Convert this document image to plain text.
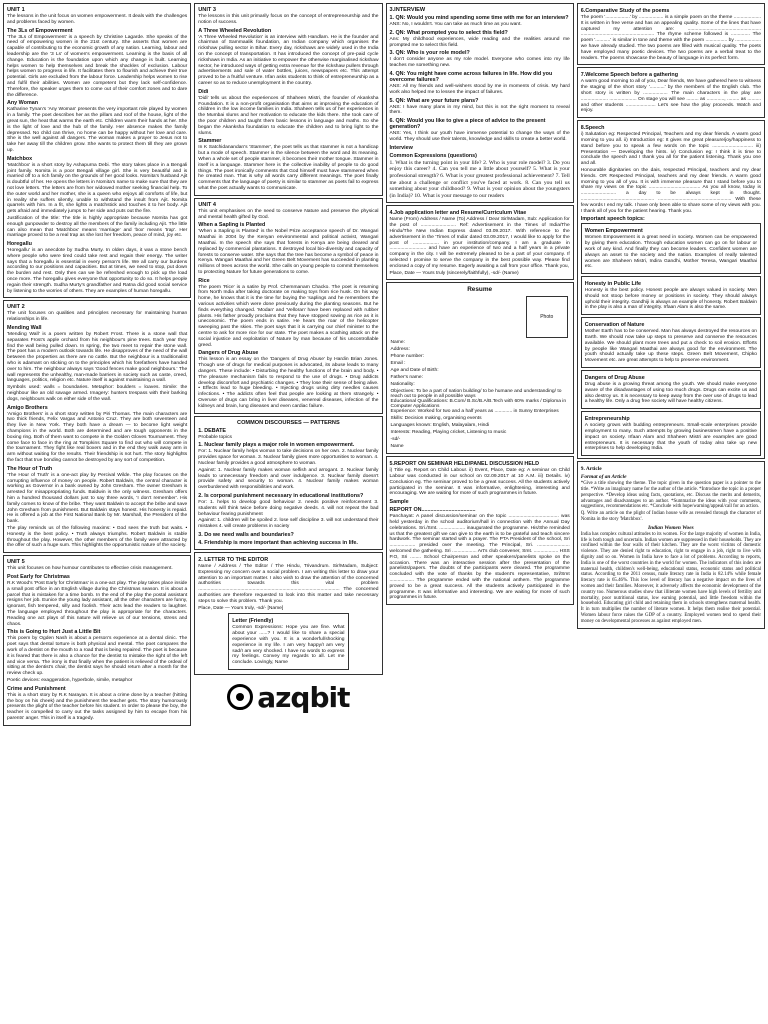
UNIT 1

The lessons in the unit focus on women empowerment. It deals with the challenges and problems faced by women.

The 3Ls of Empowerment

'The 3Ls of Empowerment' is a speech by Christine Lagarde. She speaks of the need of empowering women in the 21st century. She asserts that women are capable of contributing to the economic growth of any nation. Learning, labour and leadership are the '3 Ls' of women's empowerment. Learning is the basis of all change. Education is the foundation upon which any change is built. Learning helps women to help themselves and break the shackles of exclusion. Labour helps women to progress in life. It facilitates them to flourish and achieve their true potential. Girls are excluded from the labour force. Leadership helps women to rise and fulfil their abilities. Women are competent but they lack self-confidence. Therefore, the speaker urges them to come out of their comfort zones and to dare the difference.

Any Woman

Katharine Tynan's 'Any Woman' presents the very important role played by women in a family. The poet describes her as the pillars and roof of the house, light of the great sun, the heat that warms the earth etc. Children warm their hands at her. She is the light of love and the hub of the family. Her absence makes the family depressed. No child can thrive, no home can be happy without her love and care. She is the well against all dangers. The woman makes a prayer to Jesus not to take her away till the children grow. She wants to protect them till they are grown up.

Matchbox

'Matchbox' is a short story by Ashapurna Debi. The story takes place in a Bengali joint family. Nomita is a poor Bengali village girl. She is very beautiful and is married off to a rich family on the grounds of her good looks. Nomita's husband Ajit is doubtful of her. He opens the letters in Nomita's name to make sure that they are not love letters. The letters are from her widowed mother seeking financial help. To the outer world and her mother, she is a queen who enjoys all comforts of life, but in reality she suffers silently, unable to withstand the insult from Ajit. Nomita quarrels with him. In a fit, she lights a matchstick and touches it to her body. Ajit gets afraid and immediately jumps to her side and puts out the fire.

Justification of the title: The title is highly appropriate because Nomita has got enough gunpowder to destroy all the members of the family including Ajit. The little can also mean that 'Matchbox' means 'marriage' and 'box' means 'trap'. Her marriage proved to be a real trap as she lost her freedom, peace of mind, joy etc.

Horegallu

'Horegallu' is an anecdote by Sudha Murty. In olden days, it was a stone bench where people who were tired could take rest and regain their energy. The writer says that a horegallu is essential in every person's life. We all carry our burdens according to our positions and capacities. But at times, we need to stop, put down the burden and rest. Only then can we be refreshed enough to pick up the load once more. The horegallu gives everyone that opportunity to do so. It helps people regain their strength. Sudha Murty's grandfather and Ratna did good social service by listening to the worries of others. They are examples of human horegallu.

UNIT 2

The unit focuses on qualities and principles necessary for maintaining human relationships in life.

Mending Wall

'Mending Wall' is a poem written by Robert Frost. There is a stone wall that separates Frost's apple orchard from his neighbour's pine trees. Each year they find the wall being pulled down. In spring, the two meet to repair the stone wall. The poet has a modern outlook towards life. He disapproves of the need of the wall between the properties as there are no cattle. But the neighbour is a traditionalist who is adamant on sticking on to the principles which his forefathers have handed over to him. The neighbour always says 'Good fences make good neighbours.' The wall represents the unhealthy, man-made barriers in society such as caste, creed, languages, politics, religion etc. Nature itself is against maintaining a wall.

Symbols used: walls = boundaries. Metaphor: boulders = loaves. Simile: the neighbour like an old savage armed. Imagery: hunters trespass with their barking dogs, neighbours walk on either side of the wall.

Amigo Brothers

'Amigo Brothers' is a short story written by Piri Thomas. The main characters are two thick friends, Felix Vargas and Antonio Cruz. They are both seventeen and they live in New York. They both have a dream — to become light weight champions in the world. Both are determined and are tough opponents in the boxing ring. Both of them want to compete in the Golden Gloves Tournament. They come face to face in the ring at Tompkins Square to find out who will compete in the tournament. They fight like real boxers and in the end they walk away arm in arm without waiting for the results. Their friendship is not hurt. The story highlights the fact that true bonding cannot be destroyed by any sort of competition.

The Hour of Truth

'The Hour of Truth' is a one-act play by Percival Wilde. The play focuses on the corrupting influence of money on people. Robert Baldwin, the central character is working as Governor in a bank owned by John Gresham. The owner Gresham is arrested for misappropriating funds. Baldwin is the only witness. Gresham offers him a hundred thousand dollars just to say three words, 'I don't remember'. His family comes to know of the bribe. They want Baldwin to accept the bribe and save John Gresham from punishment. But Baldwin stays honest. His honesty is repaid. He is offered a job at the First National Bank by Mr. Marshall, the President of the bank.

The play reminds us of the following maxims: • God sees the truth but waits. • Honesty is the best policy. • Truth always triumphs. Robert Baldwin is stable throughout the play. However, the other members of the family were attracted by the offer of such a huge sum. This highlights the opportunistic nature of the society.

UNIT 5

This unit focuses on how humour contributes to effective crisis management.

Post Early for Christmas

R.K Wood's 'Post Early for Christmas' is a one-act play. The play takes place inside a small post office in an English village during the Christmas season. It is about a parcel that is mistaken for a time bomb. In the end of the play the postal assistant resigns her job. Eunice the young lady assistant, all the other characters are funny, ignorant, fish tempered, silly and foolish. Their acts lead the readers to laughter. The language employed throughout the play is appropriate for the characters. Reading one act plays of this nature will relieve us of our tensions, stress and chaos.

This is Going to Hurt Just a Little Bit

This poem by Ogden Nash is about a person's experience at a dental clinic. The poet says that dental torture is both physical and mental. The poet compares the work of a dentist on the mouth to a road that is being repaired. The poet is because it is feared that there is also a chance for the dentist to mistake the right of the left and vice versa. The irony is that finally when the patient is relieved of the ordeal of sitting at the dentist's chair, the dentist says he should return after a month for the review check up.

Poetic devices: exaggeration, hyperbole, simile, metaphor

Crime and Punishment

This is a short story by R.K Narayan. It is about a crime done by a teacher (hitting the boy on his cheek) and the punishment the teacher gets. The story humorously presents the plight of the teacher before his student. In order to please the boy, the teacher is compelled to carry out the tasks assigned by him to escape from his parents' anger. This in itself is a tragedy.

UNIT 3

The lessons in this unit primarily focus on the concept of entrepreneurship and the notion of success.

A Three Wheeled Revolution

'A Three Wheeled Revolution' is an interview with Handlam. He is the founder and chairman of Sammaalik foundation, an Indian company which organises the rickshaw pulling sector in Bihar. Every day, rickshaws are widely used in the India on the concept of transportation. It has introduced the concept of pre-paid cycle rickshaws in India. As an initiative to empower the otherwise marginalised rickshaw sector, he introduced ways of getting extra revenue for the rickshaw pullers through advertisements and sale of water bottles, juices, newspapers etc. This attempt proved to be a fruitful venture. Irfan asks students to think of entrepreneurship as a career so as to reduce unemployment in the country.

Didi

'Didi' tells us about the experiences of Shaheen Mistri, the founder of Akanksha Foundation. It is a non-profit organisation that aims at improving the education of children in the low income families in India. Shaheen tells us of her experiences in the Mumbai slums and her motivation to educate the kids there. She took care of the poor children and taught them basic lessons in language and maths. So she began the Akanksha foundation to educate the children and to bring light to the slums.

Stammer

In K Satchidanandan's 'Stammer', the poet tells us that stammer is not a handicap but a mode of speech. Stammer is the silence between the word and its meaning. When a whole set of people stammer, it becomes their mother tongue. Stammer in itself is a language. Stammer here is the collective inability of people to do good things. The poet ironically comments that God himself must have stammered when he created man. That is why all words carry different meanings. The poet finally comments that the language of poetry is similar to stammer as poets fail to express what the poet actually wants to communicate.

UNIT 4

This unit emphasises on the need to conserve Nature and preserve the physical and mental health gifted by God.

When a Sapling is Planted

'When a Sapling is Planted' is the Nobel Prize acceptance speech of Dr. Wangari Maathai in 2004 by the Kenyan environmental and political activist, Wangari Maathai. In the speech she says that forests in Kenya are being cleared and replaced by commercial plantations. It destroyed local bio-diversity and capacity of forests to conserve water. She says that the tree has become a symbol of peace in Kenya. Wangari Maathai and her Green Belt Movement has succeeded in planting millions of trees across the world. She calls on young people to commit themselves to protecting Nature for future generations to come.

Rice

The poem 'Rice' is a satire by Prof. Chemmanam Chacko. The poet is returning from North India after taking doctorate on making toys from rice husk. On his way home, he knows that it is the time for buying the 'saplings and he remembers the various activities which were done previously during the planting seasons. But he finds everything changed. 'Modan' and 'Velloran' have been replaced with rubber plants. His father proudly proclaims that they have stopped sowing as rice as it is uneconomic. The poem ends in satire. He hears the roar of the helicopter sweeping past the skies. The poet says that it is carrying our chief minister to the centre to ask for more rice for our state. The poet makes a scathing attack on the social injustice and exploitation of Nature by man because of his uncontrollable greed.

Dangers of Drug Abuse

This lesson is an essay on the 'Dangers of Drug Abuse' by Hardin Brian Jones. Though use of drugs for medical purposes is advocated, its abuse leads to many dangers. These include: • Disturbing the healthy functions of the brain and body. • The pleasure mechanism fails to respond to the use of drugs. • Drug addicts develop discomfort and psychiatric changes. • They lose their sense of being alive. • Effects lead to huge bleeding. • Injecting drugs using dirty needles causes infections. • The addicts often feel that people are looking at them strangely. • Overuse of drugs can bring in liver diseases, venereal diseases, infection of the kidneys and brain, lung diseases and even cardiac failure.

COMMON DISCOURSES — PATTERNS
1. DEBATE

Probable topics

1. Nuclear family plays a major role in women empowerment.

For: 1. Nuclear family helps woman to take decisions on her own. 2. Nuclear family provides space for woman. 3. Nuclear family gives more opportunities to woman. 4. Nuclear family provides a good atmosphere to woman.

Against: 1. Nuclear family makes woman selfish and arrogant. 2. Nuclear family leads to unnecessary freedom and over indulgence. 3. Nuclear family doesn't provide safety and security to woman. 4. Nuclear family makes woman overburdened with responsibilities and work.

2. Is corporal punishment necessary in educational institutions?

For: 1. helps to develop good behaviour 2. needs positive reinforcement 3. students will think twice before doing negative deeds. 4. will not repeat the bad behaviour fearing punishment

Against: 1. children will be spoiled 2. lose self discipline 3. will not understand their mistakes 4. will create problems in society

3. Do we need walls and boundaries?
4. Friendship is more important than achieving success in life.
2. LETTER TO THE EDITOR

Name / Address / The Editor / The Hindu, Trivandrum. Sir/Madam, Subject: Expressing my concern over a social problem. I am writing this letter to draw your attention to an important matter. I also wish to draw the attention of the concerned authorities towards this vital problem ........................................................................................................ The concerned authorities are therefore requested to look into this matter and take necessary steps to solve this problem. Thank you.

Place, Date — Yours truly, -sd/- [Name]

Letter (Friendly)

Common Expressions: Hope you are fine. What about your ......? I would like to share a special experience with you. It is a wonderful/shocking experience in my life. I am very happy/I am very sad/I am very shocked. I have no words to express my feelings. Convey my regards to all. Let me conclude. Lovingly, Name

azqbit
3.INTERVIEW
1. QN: Would you mind spending some time with me for an interview?

ANS: No, I wouldn't. You can take as much time as you want.

2. QN: What prompted you to select this field?

Ans: My childhood experiences, wide reading and the realities around me prompted me to select this field.

3. QN: Who is your role model?

I don't consider anyone as my role model. Everyone who comes into my life teaches me something new.

4. QN: You might have come across failures in life. How did you overcome failures?

ANS: All my friends and well-wishers stood by me in moments of crisis. My hard work also helped me to lessen the impact of failures.

5. QN: What are your future plans?

ANS: I have many plans in my mind, but this is not the right moment to reveal them.

6. QN: Would you like to give a piece of advice to the present generation?

ANS: Yes, I think our youth have immense potential to change the ways of the world. They should use their talents, knowledge and skills to create a better world.

Interview
Common Expressions (questions)

1. What is the turning point in your life? 2. Who is your role model? 3. Do you enjoy this career? 4. Can you tell me a little about yourself? 5. What is your professional strength? 6. What is your greatest professional achievement? 7. Tell me about a challenge or conflict you've faced at work. 8. Can you tell us something about your childhood? 9. What is your opinion about the youngsters (in India)? 10. What is your message to our readers

4.Job application letter and Resume/Curriculum Vitae

Name (From) Address / Name (To) Address / Dear Sir/Madam, Sub: Application for the post of .......................... Ref: Advertisement in the Times of India/The Hindu/The New Indian Express dated 03.09.2017. With reference to the advertisement in the 'Times of India' dated 03.09.2017, I would like to apply for the post of ................... in your institution/company. I am a graduate in ........................... and have an experience of two and a half years in a private company in the city. I will be extremely pleased to be a part of your company. If selected I promise to serve the company in the best possible way. Please find enclosed a copy of my resume. Eagerly awaiting a call from your office. Thank you,

Place, Date — Yours truly (sincerely/faithfully), -sd/- (Name)

Resume
Photo
Name:
Address:
Phone number:
Email :
Age and Date of Birth:
Father's name:
Nationality:
Objectives: To be a part of nation building/ to be humane and understanding/ to reach out to people in all possible ways
Educational Qualifications: B.Com/ B.Sc/B.A/B.Tech with 60% marks / Diploma in Computer Applications
Experience: Worked for two and a half years as ............. in Sunny Enterprises
Skills: Decision making, organising events
Languages known: English, Malayalam, Hindi
Interests: Reading, Playing cricket, Listening to music
-sd/-
Name
5.REPORT ON SEMINAR HELD/PANEL DISCUSSION HELD

i) Title eg. Report on Child Labour. ii) Event, Place, Date eg: A seminar on Child Labour was conducted in our school on 02.09.2017 at 10 A.M. iii) Details. iv) Conclusion eg. The seminar proved to be a great success. All the students actively participated in the seminar. It was informative, enlightening, interesting and encouraging. We are waiting for more of such programmes in future.

Sample
REPORT ON....................................

Panchayat: A panel discussion/seminar on the topic ..................................... was held yesterday in the school auditorium/hall in connection with the Annual Day celebrations. Sri./Smt. ................... inaugurated the programme. His/She reminded us that the greatest gift we can give to the earth is to be grateful and teach sincere hardwork. The seminar started with a prayer. The PTA President of the school, Sri ................... presided over the meeting. The Principal, Sri. ........................ welcomed the gathering. Sri .................. Art's club convener, Smt. .................. HSS P.O, Sri ........ School Chairperson and other speakers/panelists spoke on the occasion. There was an interactive session after the presentation of the panelists/papers. The doubts of the participants were cleared. The programme concluded with the vote of thanks by the student's representative, Sri/Smt .................. The programme ended with the national anthem. The programme proved to be a great success. All the students actively participated in the programme. It was informative and interesting. We are waiting for more of such programmes in future.

6.Comparative Study of the poems

The poem '..................' by .................. is a simple poem on the theme .................... It is written in free verse and has an appealing quality. Some of the lines that have captured my attention are: ...................................................... ...................................................... The rhyme scheme followed is .............. The poem '...........' is similar in tone and theme with the poem ................ by ................... we have already studied. The two poems are filled with musical quality. The poets have employed many poetic devices. The two poems are a verbal treat to the readers. The poems showcase the beauty of language in its perfect form.

7.Welcome Speech before a gathering

A warm good morning to all of you, Dear friends, We have gathered here to witness the staging of the short story '...........' by the members of the English club. The short story is written by .................. The main characters in the play are .................... .................... On stage you will see ......... as ............., ......... as .......... and other students ...................... Let's see how the play proceeds. Watch and enjoy.

8.Speech

i) Salutation eg: Respected Principal, Teachers and my dear friends. A warm good morning to you all. ii) Introduction eg: It gives me great pleasure/joy/happiness to stand before you to speak a few words on the topic .............................. iii) Presentation — Developing the hints. iv) Conclusion eg: I think it is time to conclude the speech and I thank you all for the patient listening. Thank you one and all.

Honourable dignitaries on the dais, respected Principal, teachers and my dear friends. OR Respected Principal, teachers and my dear friends. A warm good morning to you all of you. It is with immense pleasure that I stand before you to share my views on the topic ...................................... As you all know, today is .......................... a day to be always kept in thought. ...................................................... ...................................................... With these few words I end my talk. I have only been able to share some of my views with you. I thank all of you for the patient hearing. Thank you.

Important speech topics:
Women Empowerment

Women Empowerment is a great need in society. Women can be empowered by giving them education. Through education women can go on for labour or work of any kind. And finally they can become leaders. Confident women are always an asset to the society and the nation. Examples of really talented women are Shaheen Mistri, Indira Gandhi, Mother Teresa, Wangari Maathai etc.

Honesty in Public Life

Honesty is the best policy. Honest people are always valued in society. Men should not stoop before money or positions in society. They should always uphold their integrity. Gandhiji is always an example of honesty. Robert Baldwin in the play is also a man of integrity. Irfaan Alam is also the same.

Conservation of Nature

Mother Earth has to be conserved. Man has always destroyed the resources on Earth. We should now take up steps to preserve and conserve the resources available. We should plant more trees and put a check to soil erosion. Efforts by people like Wangari Maathai are always good for the environment. The youth should actually take up these steps. Green Belt Movement, Chipko Movement etc. are great attempts to help to preserve environment.

Dangers of Drug Abuse

Drug abuse is a growing threat among the youth. We should make everyone aware of the disadvantages of using too much drugs. Drugs can excite us and also destroy us. It is necessary to keep away from the over use of drugs to lead a healthy life. Only a drug free society will have healthy citizens.

Entrepreneurship

A society grows with budding entrepreneurs. Small-scale enterprises provide employment to many. Such attempts by growing businessmen have a positive impact on society. Irfaan Alam and Shaheen Mistri are examples are good entrepreneurs. It is necessary that the youth of today also take up new enterprises to help developing India.

9. Article
Format of an Article

*Give a title showing the theme. The topic given in the question paper is a pointer to the title. *Write an imaginary name for the author of the article. *Introduce the topic in a proper perspective. *Develop ideas using facts, quotations, etc. Discuss the merits and demerits, advantages and disadvantages to an author. *Summarize the ideas with your comments, suggestions, recommendations etc. *Conclude with hope/warning/appeal/call for an action.

Q. Write an article on the plight of Indian house wife as revealed through the character of Nomita in the story 'Matchbox'.

Indian Women Woes

India has complex cultural attitudes to its women. For the large majority of women in India, life is both tough and uncertain. Indian women are suppressed in their households. They are confined within the four walls of their kitchen. They are the worst victims of domestic violence. They are denied right to education, right to engage in a job, right to live with dignity and so on. Women in India have to face a lot of problems. According to reports, India is one of the worst countries in the world for women. The indicators of this index are maternal health, children's well-being, educational status, economic status and political status. According to the 2011 census, male literacy rate in India is 82.14% while female literacy rate is 65.46%. This low level of literacy has a negative impact on the lives of women and their families. Moreover, it adversely affects the economic development of the country too. Numerous studies show that illiterate women have high levels of fertility and mortality, poor nutritional status, low earning potential, and little freedom within the household. Educating girl child and retaining them in schools strengthens maternal health. It in turn multiplies the number of literate women. It helps them realise their potential. Women labour force raises the GDP of a country. Employed women tend to spend their money on developmental processes as against employed men.
